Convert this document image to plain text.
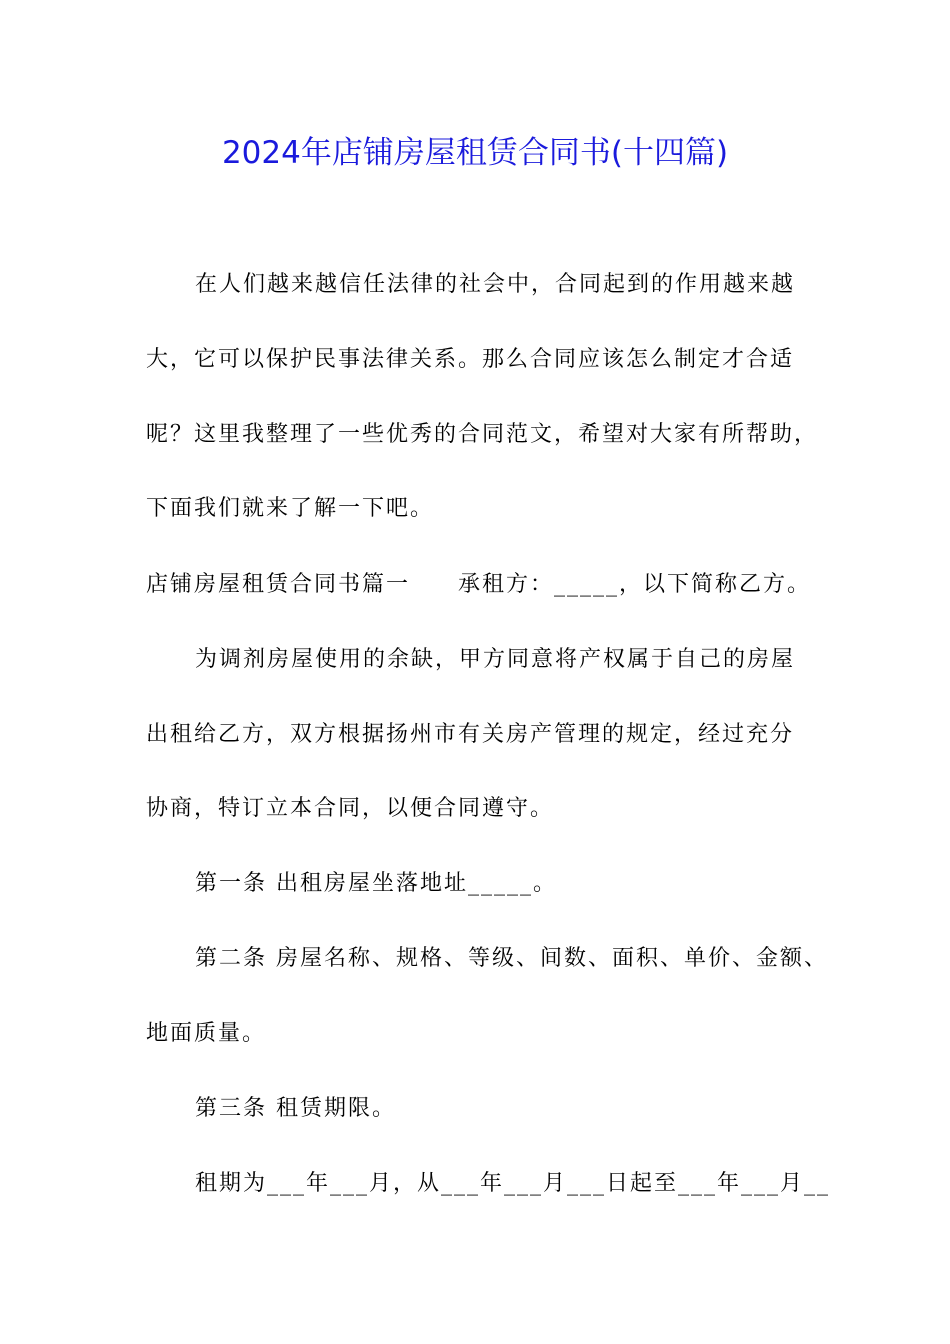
2024年店铺房屋租赁合同书(十四篇)
在人们越来越信任法律的社会中，合同起到的作用越来越
大，它可以保护民事法律关系。那么合同应该怎么制定才合适
呢？这里我整理了一些优秀的合同范文，希望对大家有所帮助，
下面我们就来了解一下吧。
店铺房屋租赁合同书篇一　　承租方：_____，以下简称乙方。
为调剂房屋使用的余缺，甲方同意将产权属于自己的房屋
出租给乙方，双方根据扬州市有关房产管理的规定，经过充分
协商，特订立本合同，以便合同遵守。
第一条 出租房屋坐落地址_____。
第二条 房屋名称、规格、等级、间数、面积、单价、金额、
地面质量。
第三条 租赁期限。
租期为___年___月，从___年___月___日起至___年___月__
